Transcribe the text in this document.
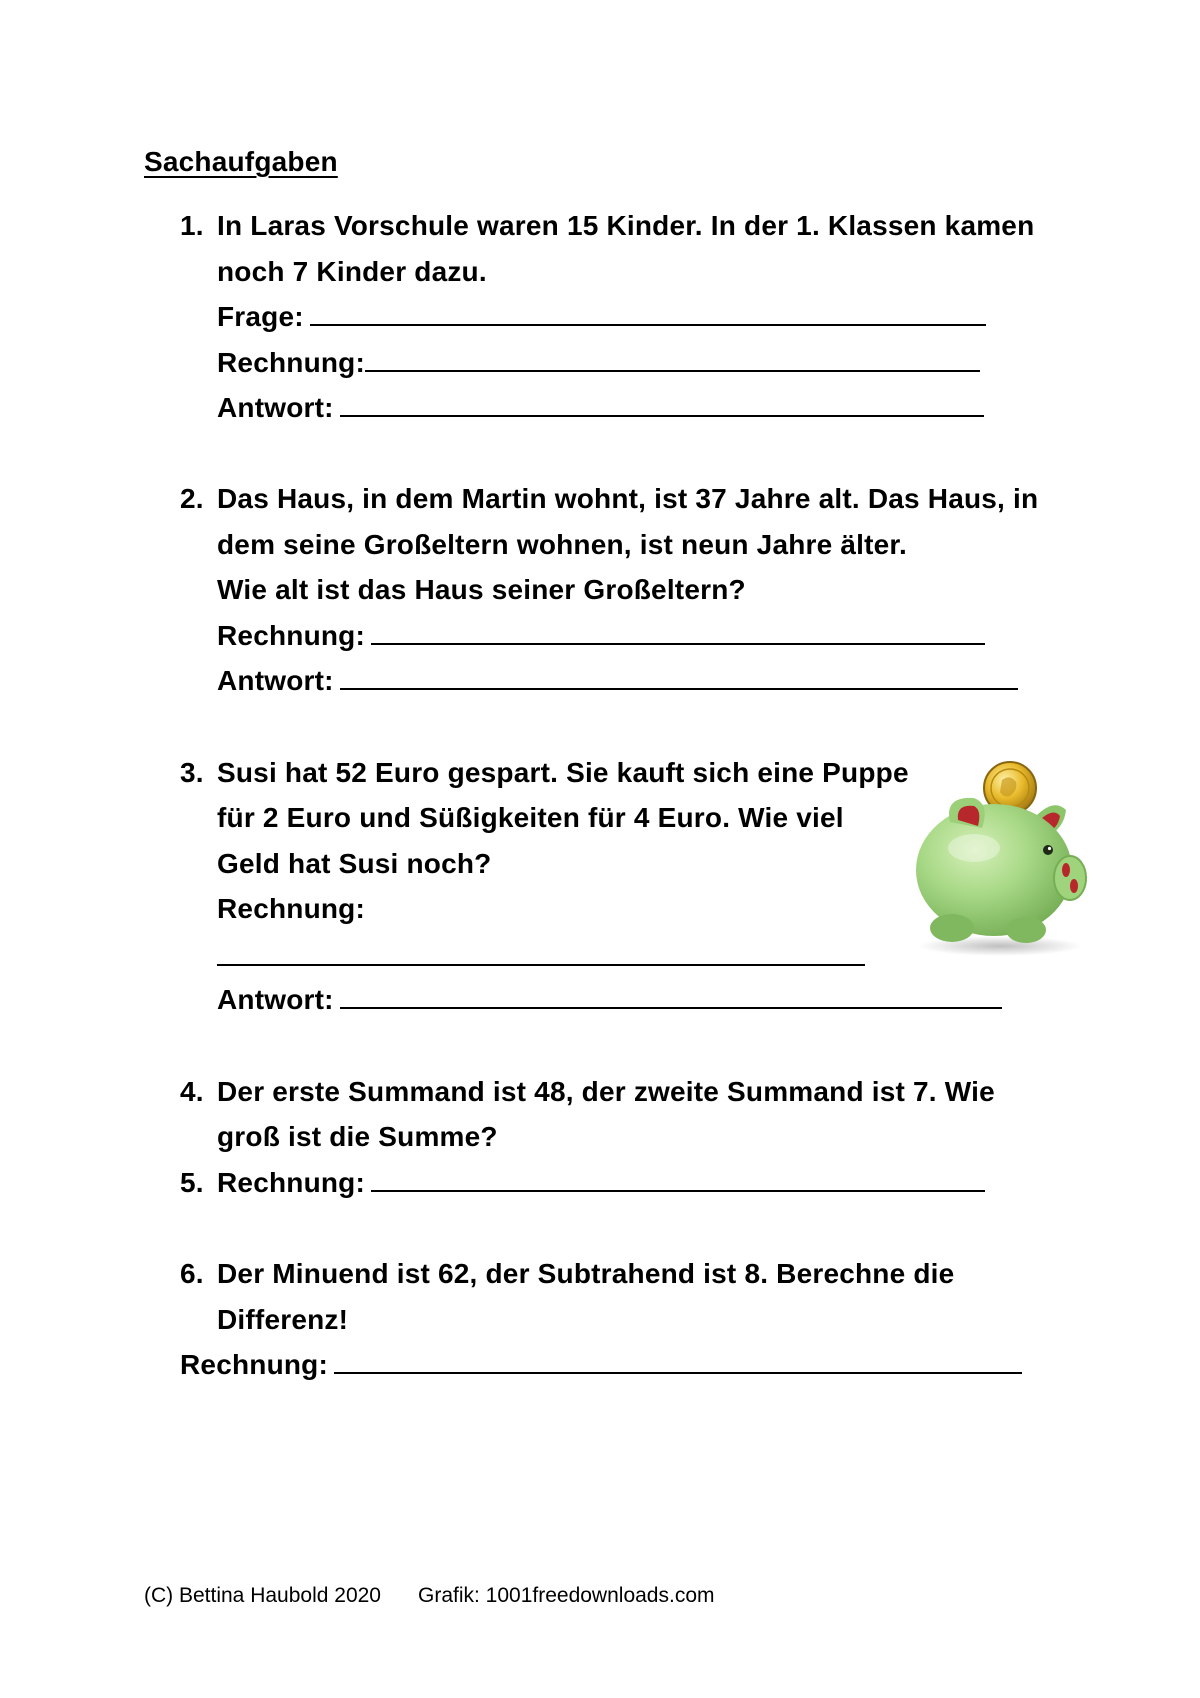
Sachaufgaben
1. In Laras Vorschule waren 15 Kinder. In der 1. Klassen kamen
noch 7 Kinder dazu.
Frage:
Rechnung:
Antwort:
2. Das Haus, in dem Martin wohnt, ist 37 Jahre alt. Das Haus, in
dem seine Großeltern wohnen, ist neun Jahre älter.
Wie alt ist das Haus seiner Großeltern?
Rechnung:
Antwort:
3. Susi hat 52 Euro gespart. Sie kauft sich eine Puppe
für 2 Euro und Süßigkeiten für 4 Euro. Wie viel
Geld hat Susi noch?
Rechnung:
Antwort:
4. Der erste Summand ist 48, der zweite Summand ist 7. Wie
groß ist die Summe?
5. Rechnung:
6. Der Minuend ist 62, der Subtrahend ist 8. Berechne die
Differenz!
Rechnung:
(C) Bettina Haubold 2020 Grafik: 1001freedownloads.com
